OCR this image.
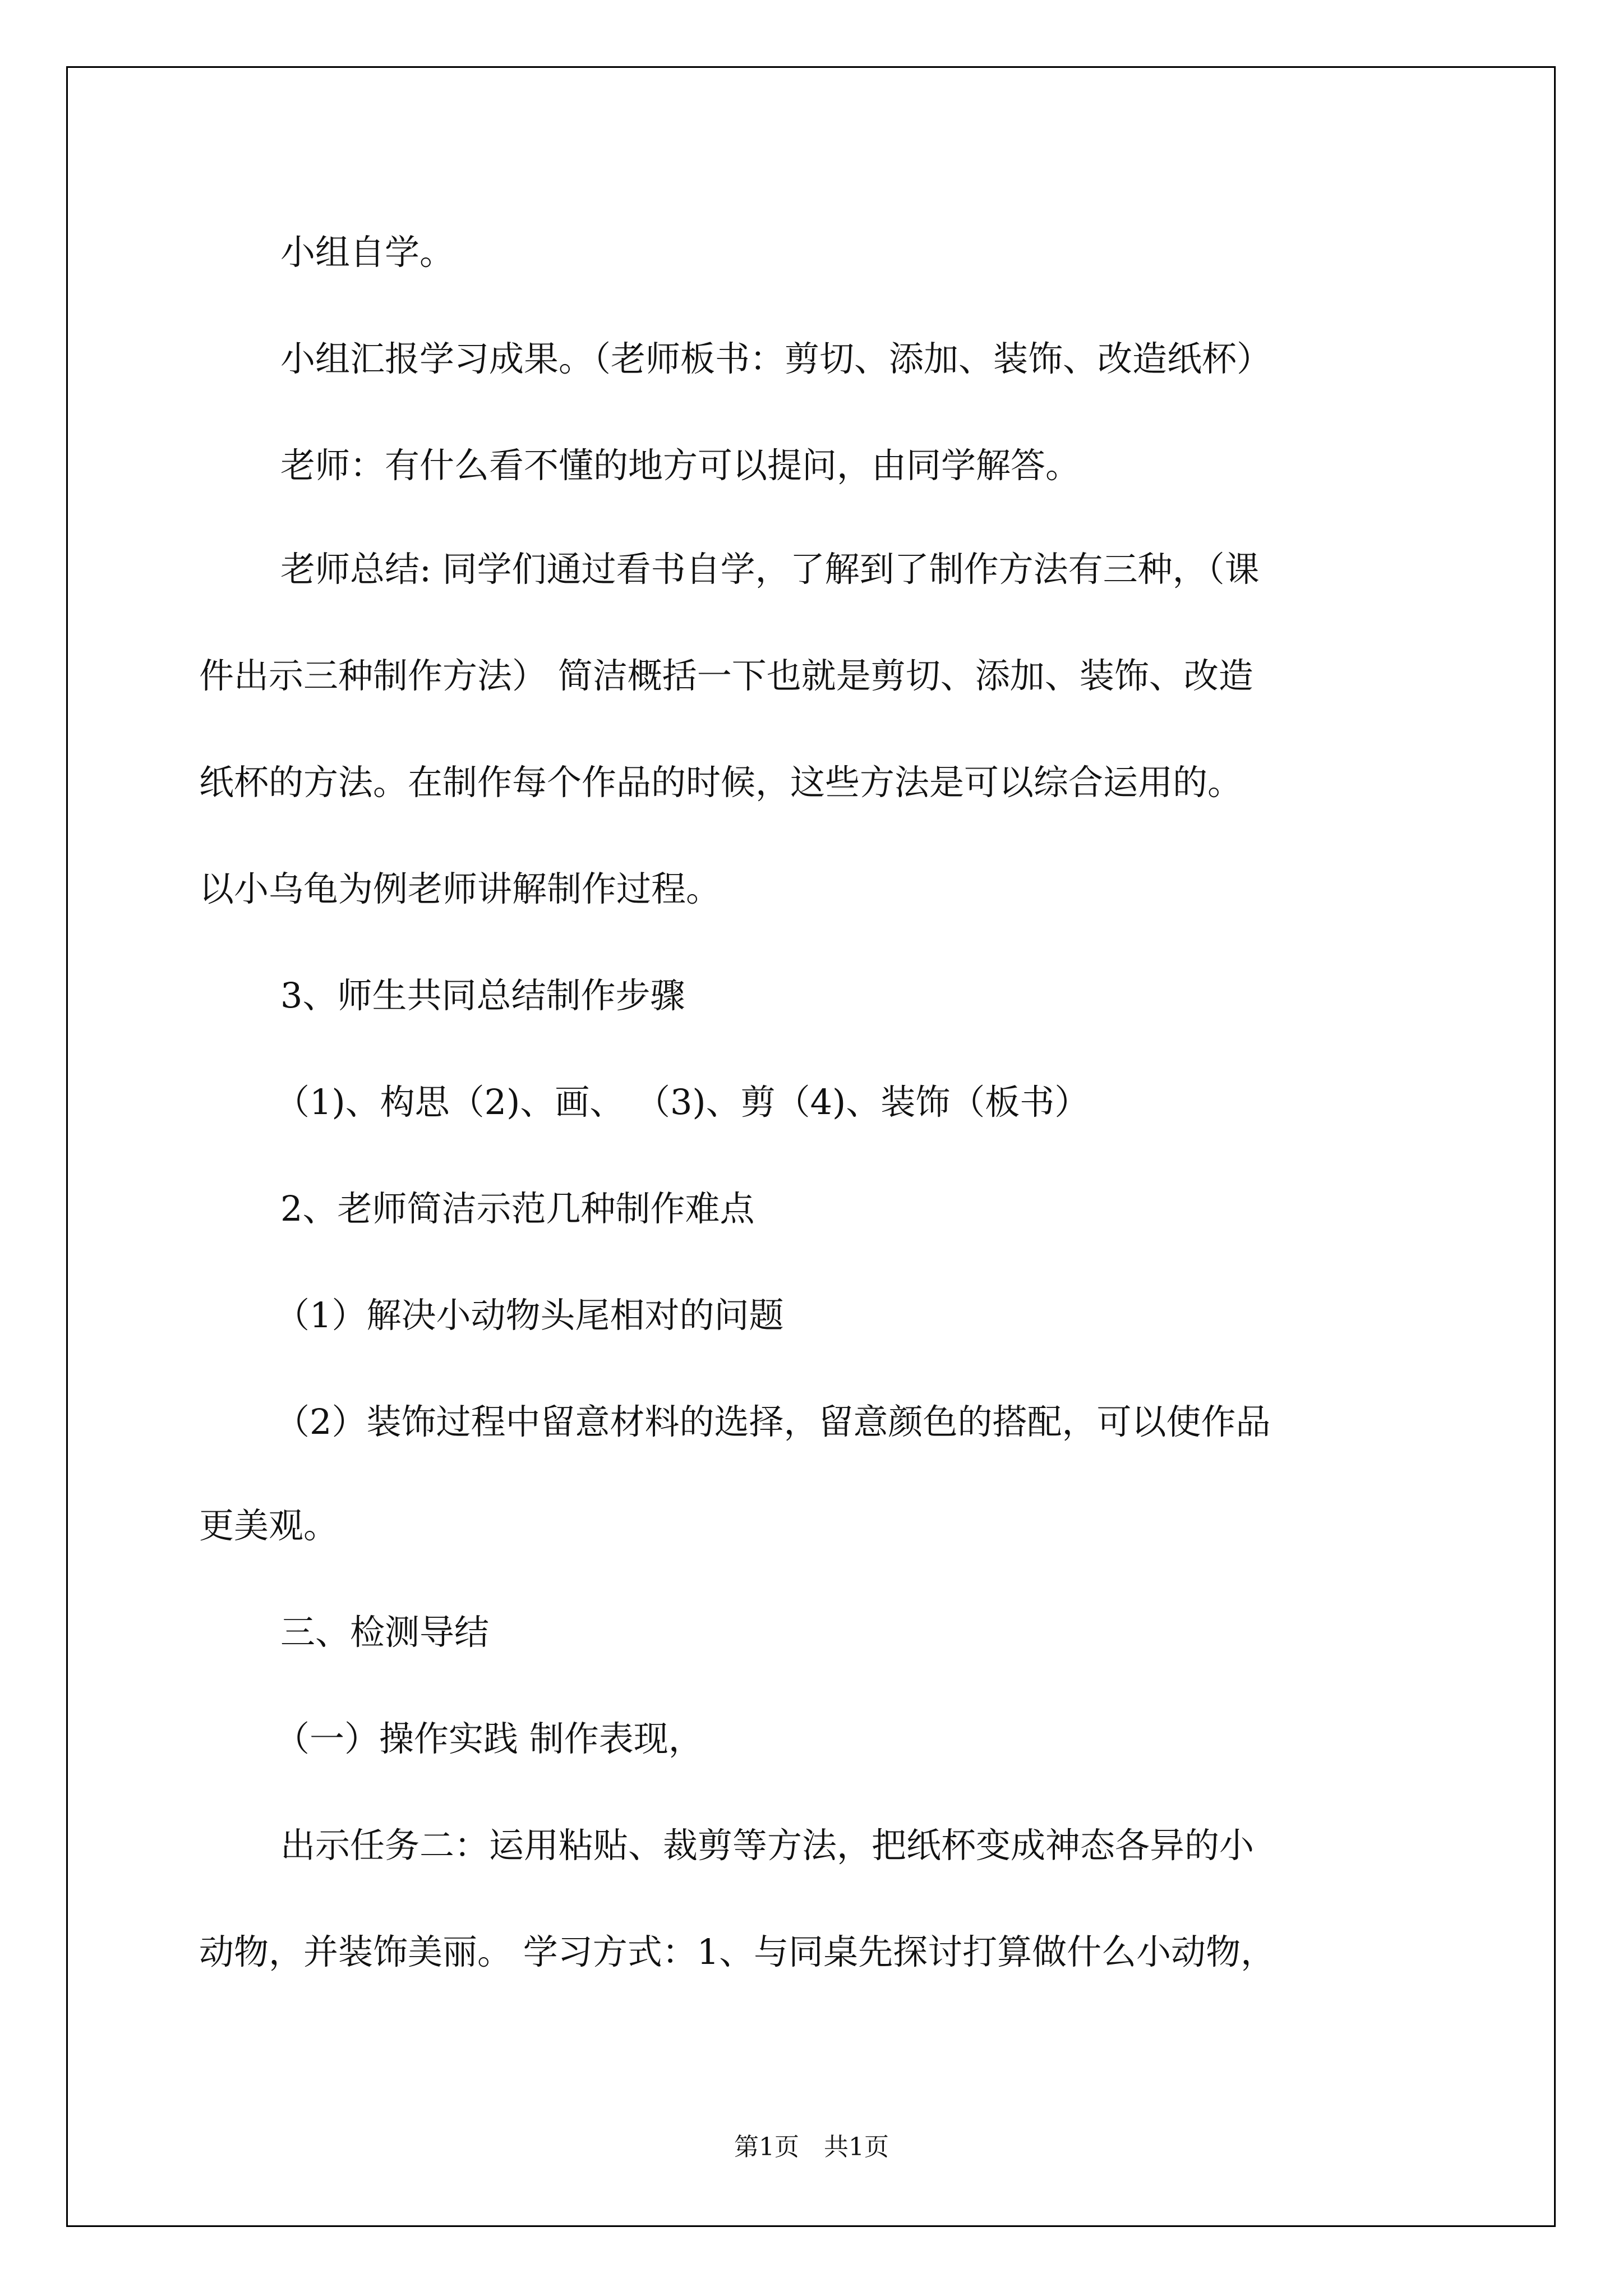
小组自学。

小组汇报学习成果。（老师板书：剪切、添加、装饰、改造纸杯）

老师：有什么看不懂的地方可以提问，由同学解答。

老师总结: 同学们通过看书自学，了解到了制作方法有三种，（课

件出示三种制作方法） 简洁概括一下也就是剪切、添加、装饰、改造

纸杯的方法。在制作每个作品的时候，这些方法是可以综合运用的。

以小乌龟为例老师讲解制作过程。

3、师生共同总结制作步骤

（1)、构思（2)、画、 （3)、剪（4)、装饰（板书）

2、老师简洁示范几种制作难点

（1）解决小动物头尾相对的问题

（2）装饰过程中留意材料的选择，留意颜色的搭配，可以使作品

更美观。

三、检测导结

（一）操作实践 制作表现，

出示任务二：运用粘贴、裁剪等方法，把纸杯变成神态各异的小

动物，并装饰美丽。 学习方式：1、与同桌先探讨打算做什么小动物，

第1页　共1页
